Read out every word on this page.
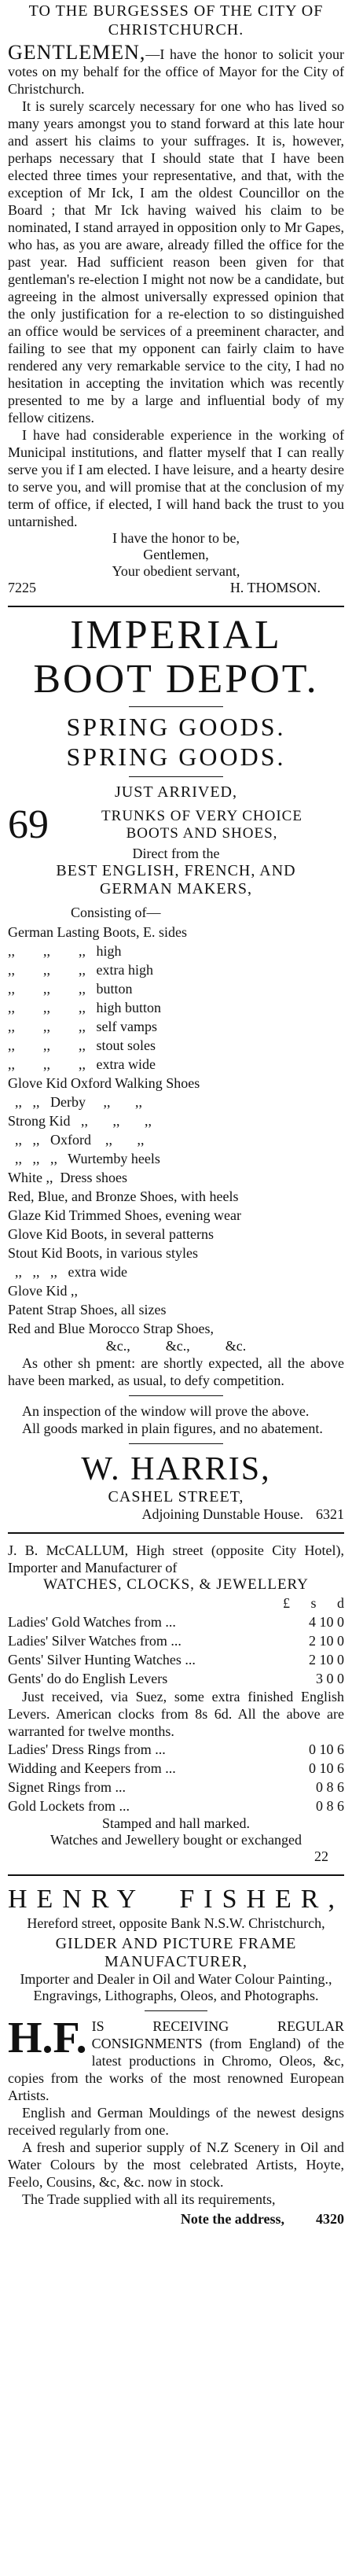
TO THE BURGESSES OF THE CITY OF CHRISTCHURCH.

GENTLEMEN,—I have the honor to solicit your votes on my behalf for the office of Mayor for the City of Christchurch.

It is surely scarcely necessary for one who has lived so many years amongst you to stand forward at this late hour and assert his claims to your suffrages. It is, however, perhaps necessary that I should state that I have been elected three times your representative, and that, with the exception of Mr Ick, I am the oldest Councillor on the Board ; that Mr Ick having waived his claim to be nominated, I stand arrayed in opposition only to Mr Gapes, who has, as you are aware, already filled the office for the past year. Had sufficient reason been given for that gentleman's re-election I might not now be a candidate, but agreeing in the almost universally expressed opinion that the only justification for a re-election to so distinguished an office would be services of a preeminent character, and failing to see that my opponent can fairly claim to have rendered any very remarkable service to the city, I had no hesitation in accepting the invitation which was recently presented to me by a large and influential body of my fellow citizens.

I have had considerable experience in the working of Municipal institutions, and flatter myself that I can really serve you if I am elected. I have leisure, and a hearty desire to serve you, and will promise that at the conclusion of my term of office, if elected, I will hand back the trust to you untarnished.

I have the honor to be,
Gentlemen,
Your obedient servant,
7225	H. THOMSON.
IMPERIAL
BOOT DEPOT.
SPRING GOODS.
SPRING GOODS.
JUST ARRIVED,
69	TRUNKS OF VERY CHOICE
BOOTS AND SHOES,
Direct from the
BEST ENGLISH, FRENCH, AND
GERMAN MAKERS,
Consisting of—
German Lasting Boots, E. sides
,,        ,,        ,,   high
,,        ,,        ,,   extra high
,,        ,,        ,,   button
,,        ,,        ,,   high button
,,        ,,        ,,   self vamps
,,        ,,        ,,   stout soles
,,        ,,        ,,   extra wide
Glove Kid Oxford Walking Shoes
,,   ,,   Derby     ,,       ,,
Strong Kid   ,,       ,,       ,,
,,   ,,   Oxford    ,,       ,,
,,   ,,   ,,   Wurtemby heels
White ,,  Dress shoes
Red, Blue, and Bronze Shoes, with heels
Glaze Kid Trimmed Shoes, evening wear
Glove Kid Boots, in several patterns
Stout Kid Boots, in various styles
,,   ,,   ,,   extra wide
Glove Kid ,,
Patent Strap Shoes, all sizes
Red and Blue Morocco Strap Shoes,
&c.,          &c.,          &c.

As other sh pment: are shortly expected, all the above have been marked, as usual, to defy competition.

An inspection of the window will prove the above.

All goods marked in plain figures, and no abatement.

W. HARRIS,
CASHEL STREET,
Adjoining Dunstable House. 6321

J. B. McCALLUM, High street (opposite City Hotel), Importer and Manufacturer of

WATCHES, CLOCKS, & JEWELLERY
£ s d
Ladies' Gold Watches from ...	4 10 0
Ladies' Silver Watches from ...	2 10 0
Gents' Silver Hunting Watches ...	2 10 0
Gents' do do English Levers	3 0 0

Just received, via Suez, some extra finished English Levers. American clocks from 8s 6d. All the above are warranted for twelve months.

Ladies' Dress Rings from ...	0 10 6
Widding and Keepers from ...	0 10 6
Signet Rings from ...	0 8 6
Gold Lockets from ...	0 8 6
Stamped and hall marked.
Watches and Jewellery bought or exchanged
22
HENRY FISHER,
Hereford street, opposite Bank N.S.W. Christchurch,
GILDER AND PICTURE FRAME
MANUFACTURER,
Importer and Dealer in Oil and Water Colour Painting.,
Engravings, Lithographs, Oleos, and Photographs.

H.F. IS RECEIVING REGULAR CONSIGNMENTS (from England) of the latest productions in Chromo, Oleos, &c, copies from the works of the most renowned European Artists.

English and German Mouldings of the newest designs received regularly from one.

A fresh and superior supply of N.Z Scenery in Oil and Water Colours by the most celebrated Artists, Hoyte, Feelo, Cousins, &c, &c. now in stock.

The Trade supplied with all its requirements,

Note the address, 4320
